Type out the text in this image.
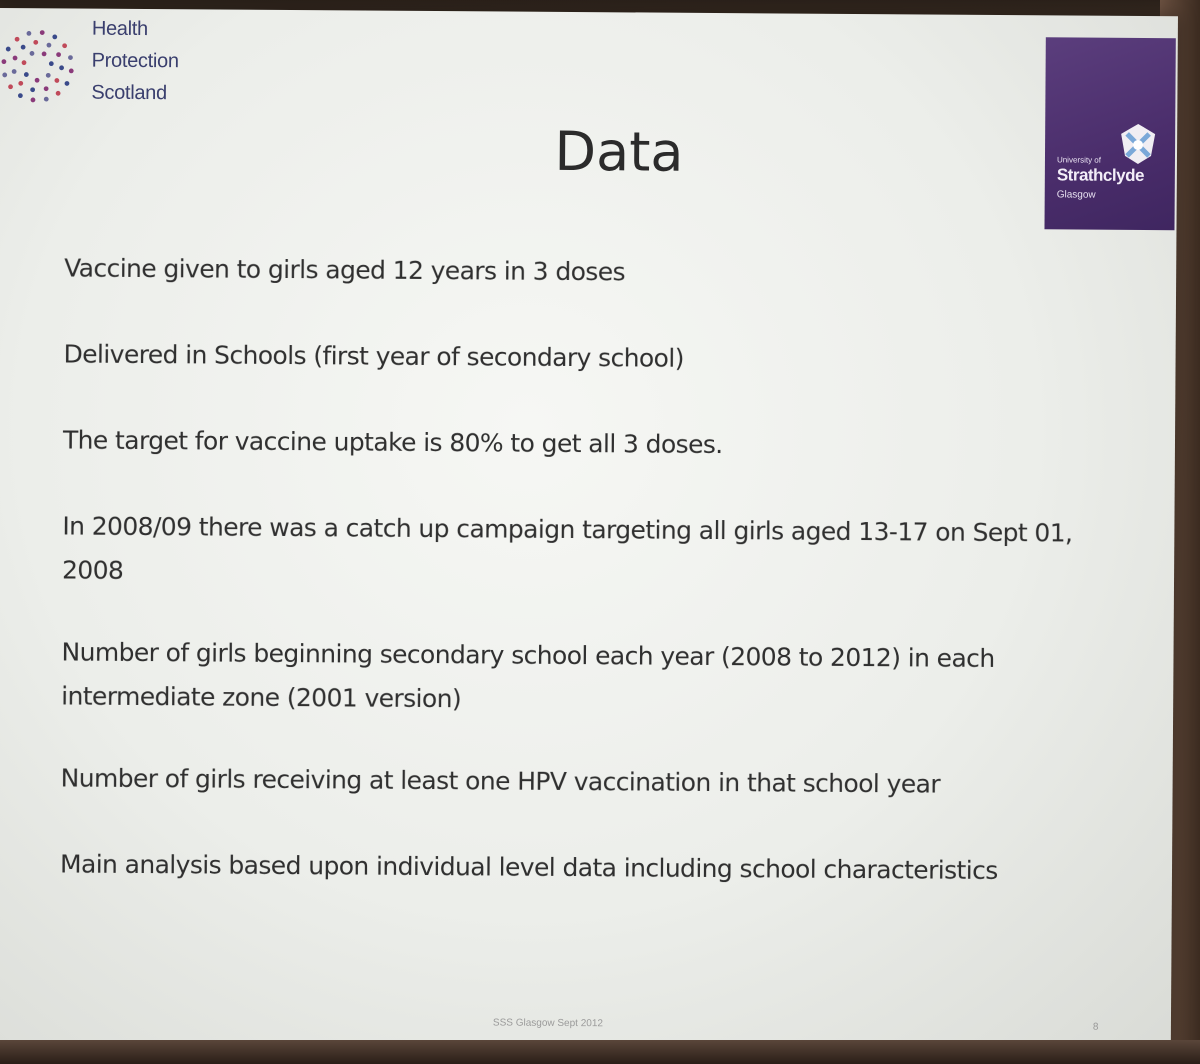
Health
Protection
Scotland
University of
Strathclyde
Glasgow
Data
Vaccine given to girls aged 12 years in 3 doses
Delivered in Schools (first year of secondary school)
The target for vaccine uptake is 80% to get all 3 doses.
In 2008/09 there was a catch up campaign targeting all girls aged 13-17 on Sept 01, 2008
Number of girls beginning secondary school each year (2008 to 2012) in each intermediate zone (2001 version)
Number of girls receiving at least one HPV vaccination in that school year
Main analysis based upon individual level data including school characteristics
SSS Glasgow Sept 2012	8
